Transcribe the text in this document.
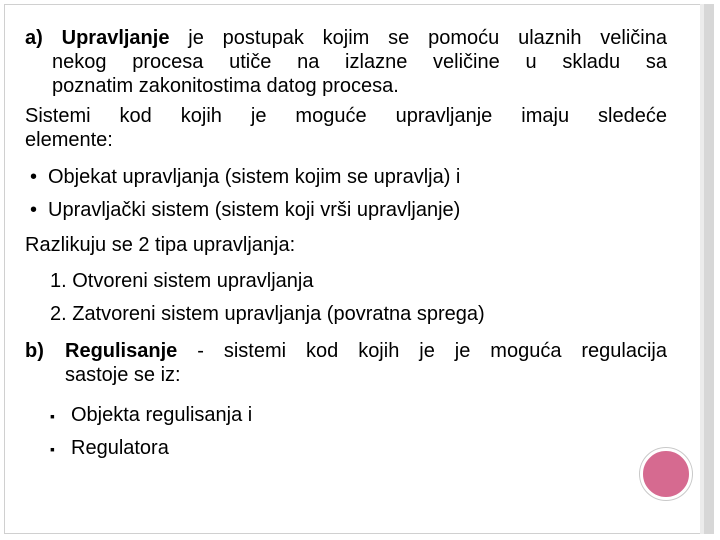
a) Upravljanje je postupak kojim se pomoću ulaznih veličina
nekog procesa utiče na izlazne veličine u skladu sa
poznatim zakonitostima datog procesa.
Sistemi kod kojih je moguće upravljanje imaju sledeće
elemente:
• Objekat upravljanja (sistem kojim se upravlja) i
• Upravljački sistem (sistem koji vrši upravljanje)
Razlikuju se 2 tipa upravljanja:
1. Otvoreni sistem upravljanja
2. Zatvoreni sistem upravljanja (povratna sprega)
b)	Regulisanje - sistemi kod kojih je je moguća regulacija
sastoje se iz:
▪ Objekta regulisanja i
▪ Regulatora
